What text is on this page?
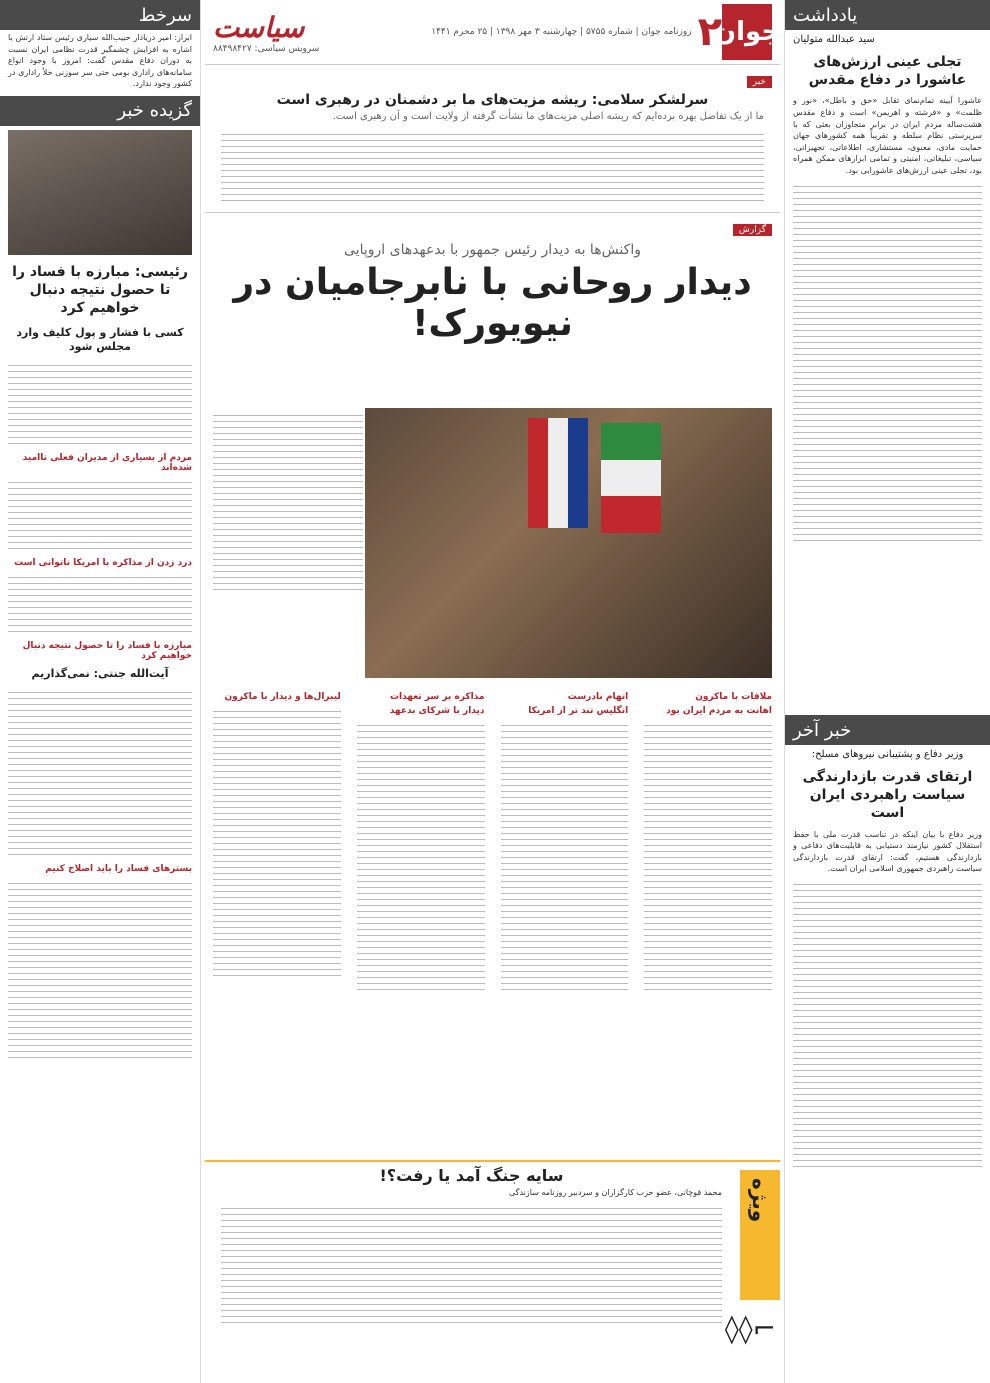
یادداشت
سید عبدالله متولیان
تجلی عینی ارزش‌های عاشورا در دفاع مقدس
عاشورا آیینه تمام‌نمای تقابل «حق و باطل»، «نور و ظلمت» و «فرشته و اهریمن» است و دفاع مقدس هشت‌ساله مردم ایران در برابر متجاوزان بعثی که با سرپرستی نظام سلطه و تقریباً همه کشورهای جهان حمایت مادی، معنوی، مستشاری، اطلاعاتی، تجهیزاتی، سیاسی، تبلیغاتی، امنیتی و تمامی ابزارهای ممکن همراه بود، تجلی عینی ارزش‌های عاشورایی بود.
خبر آخر
وزیر دفاع و پشتیبانی نیروهای مسلح:
ارتقای قدرت بازدارندگی سیاست راهبردی ایران است
وزیر دفاع با بیان اینکه در تناسب قدرت ملی با حفظ استقلال کشور نیازمند دستیابی به قابلیت‌های دفاعی و بازدارندگی هستیم، گفت: ارتقای قدرت بازدارندگی سیاست راهبردی جمهوری اسلامی ایران است.
جوان
۲
روزنامه جوان | شماره ۵۷۵۵ | چهارشنبه ۳ مهر ۱۳۹۸ | ۲۵ محرم ۱۴۴۱
سیاست
سرویس سیاسی: ۸۸۴۹۸۴۲۷
خبر
سرلشکر سلامی: ریشه مزیت‌های ما بر دشمنان در رهبری است
ما از یک تفاضل بهره برده‌ایم که ریشه اصلی مزیت‌های ما نشأت گرفته از ولایت است و آن رهبری است.
گزارش
واکنش‌ها به دیدار رئیس جمهور با بدعهدهای اروپایی
دیدار روحانی با نابرجامیان در نیویورک!
ملاقات با ماکرون
اهانت به مردم ایران بود
اتهام نادرست
انگلیس تند تر از امریکا
مذاکره بر سر تعهدات
دیدار با شرکای بدعهد
لیبرال‌ها و دیدار با ماکرون
ویژه
⌐◊◊
سایه جنگ آمد یا رفت؟!
محمد قوچانی، عضو حزب کارگزاران و سردبیر روزنامه سازندگی
سرخط
ابراز: امیر دریادار حبیب‌الله سیاری رئیس ستاد ارتش با اشاره به افزایش چشمگیر قدرت نظامی ایران نسبت به دوران دفاع مقدس گفت: امروز با وجود انواع سامانه‌های راداری بومی حتی سر سوزنی خلأ راداری در کشور وجود ندارد.
گزیده خبر
رئیسی: مبارزه با فساد را تا حصول نتیجه دنبال خواهیم کرد
کسی با فشار و پول کلیف وارد مجلس شود
مردم از بسیاری از مدیران فعلی ناامید شده‌اند
درد زدن از مذاکره با امریکا ناتوانی است
مبارزه با فساد را تا حصول نتیجه دنبال خواهیم کرد
آیت‌الله جنتی: نمی‌گذاریم
بسترهای فساد را باید اصلاح کنیم
